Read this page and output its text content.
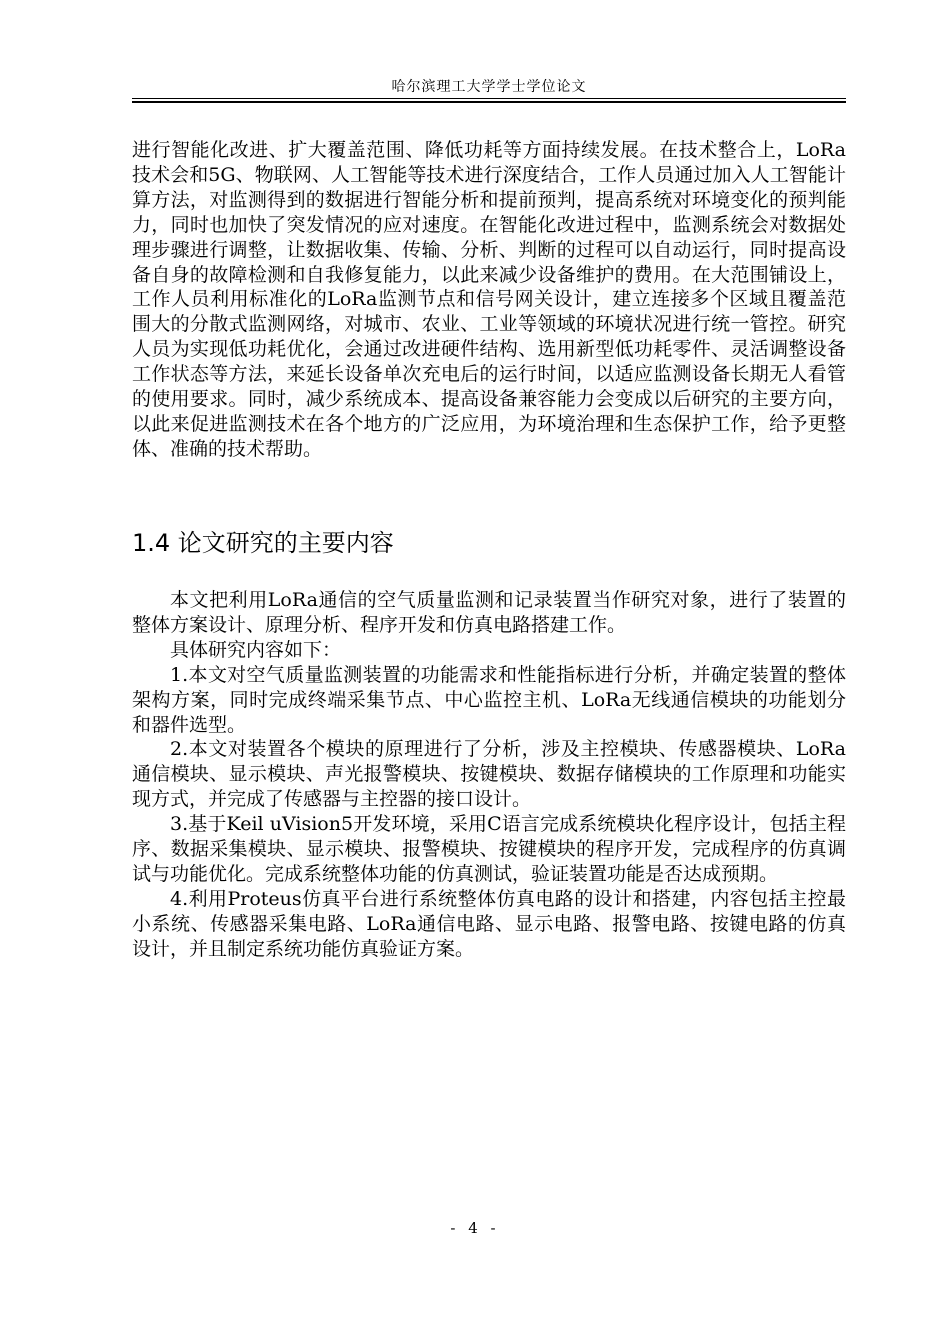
哈尔滨理工大学学士学位论文

进行智能化改进、扩大覆盖范围、降低功耗等方面持续发展。在技术整合上，LoRa技术会和5G、物联网、人工智能等技术进行深度结合，工作人员通过加入人工智能计算方法，对监测得到的数据进行智能分析和提前预判，提高系统对环境变化的预判能力，同时也加快了突发情况的应对速度。在智能化改进过程中，监测系统会对数据处理步骤进行调整，让数据收集、传输、分析、判断的过程可以自动运行，同时提高设备自身的故障检测和自我修复能力，以此来减少设备维护的费用。在大范围铺设上，工作人员利用标准化的LoRa监测节点和信号网关设计，建立连接多个区域且覆盖范围大的分散式监测网络，对城市、农业、工业等领域的环境状况进行统一管控。研究人员为实现低功耗优化，会通过改进硬件结构、选用新型低功耗零件、灵活调整设备工作状态等方法，来延长设备单次充电后的运行时间，以适应监测设备长期无人看管的使用要求。同时，减少系统成本、提高设备兼容能力会变成以后研究的主要方向，以此来促进监测技术在各个地方的广泛应用，为环境治理和生态保护工作，给予更整体、准确的技术帮助。

1.4 论文研究的主要内容

本文把利用LoRa通信的空气质量监测和记录装置当作研究对象，进行了装置的整体方案设计、原理分析、程序开发和仿真电路搭建工作。

具体研究内容如下：

1.本文对空气质量监测装置的功能需求和性能指标进行分析，并确定装置的整体架构方案，同时完成终端采集节点、中心监控主机、LoRa无线通信模块的功能划分和器件选型。

2.本文对装置各个模块的原理进行了分析，涉及主控模块、传感器模块、LoRa通信模块、显示模块、声光报警模块、按键模块、数据存储模块的工作原理和功能实现方式，并完成了传感器与主控器的接口设计。

3.基于Keil uVision5开发环境，采用C语言完成系统模块化程序设计，包括主程序、数据采集模块、显示模块、报警模块、按键模块的程序开发，完成程序的仿真调试与功能优化。完成系统整体功能的仿真测试，验证装置功能是否达成预期。

4.利用Proteus仿真平台进行系统整体仿真电路的设计和搭建，内容包括主控最小系统、传感器采集电路、LoRa通信电路、显示电路、报警电路、按键电路的仿真设计，并且制定系统功能仿真验证方案。

- 4 -
